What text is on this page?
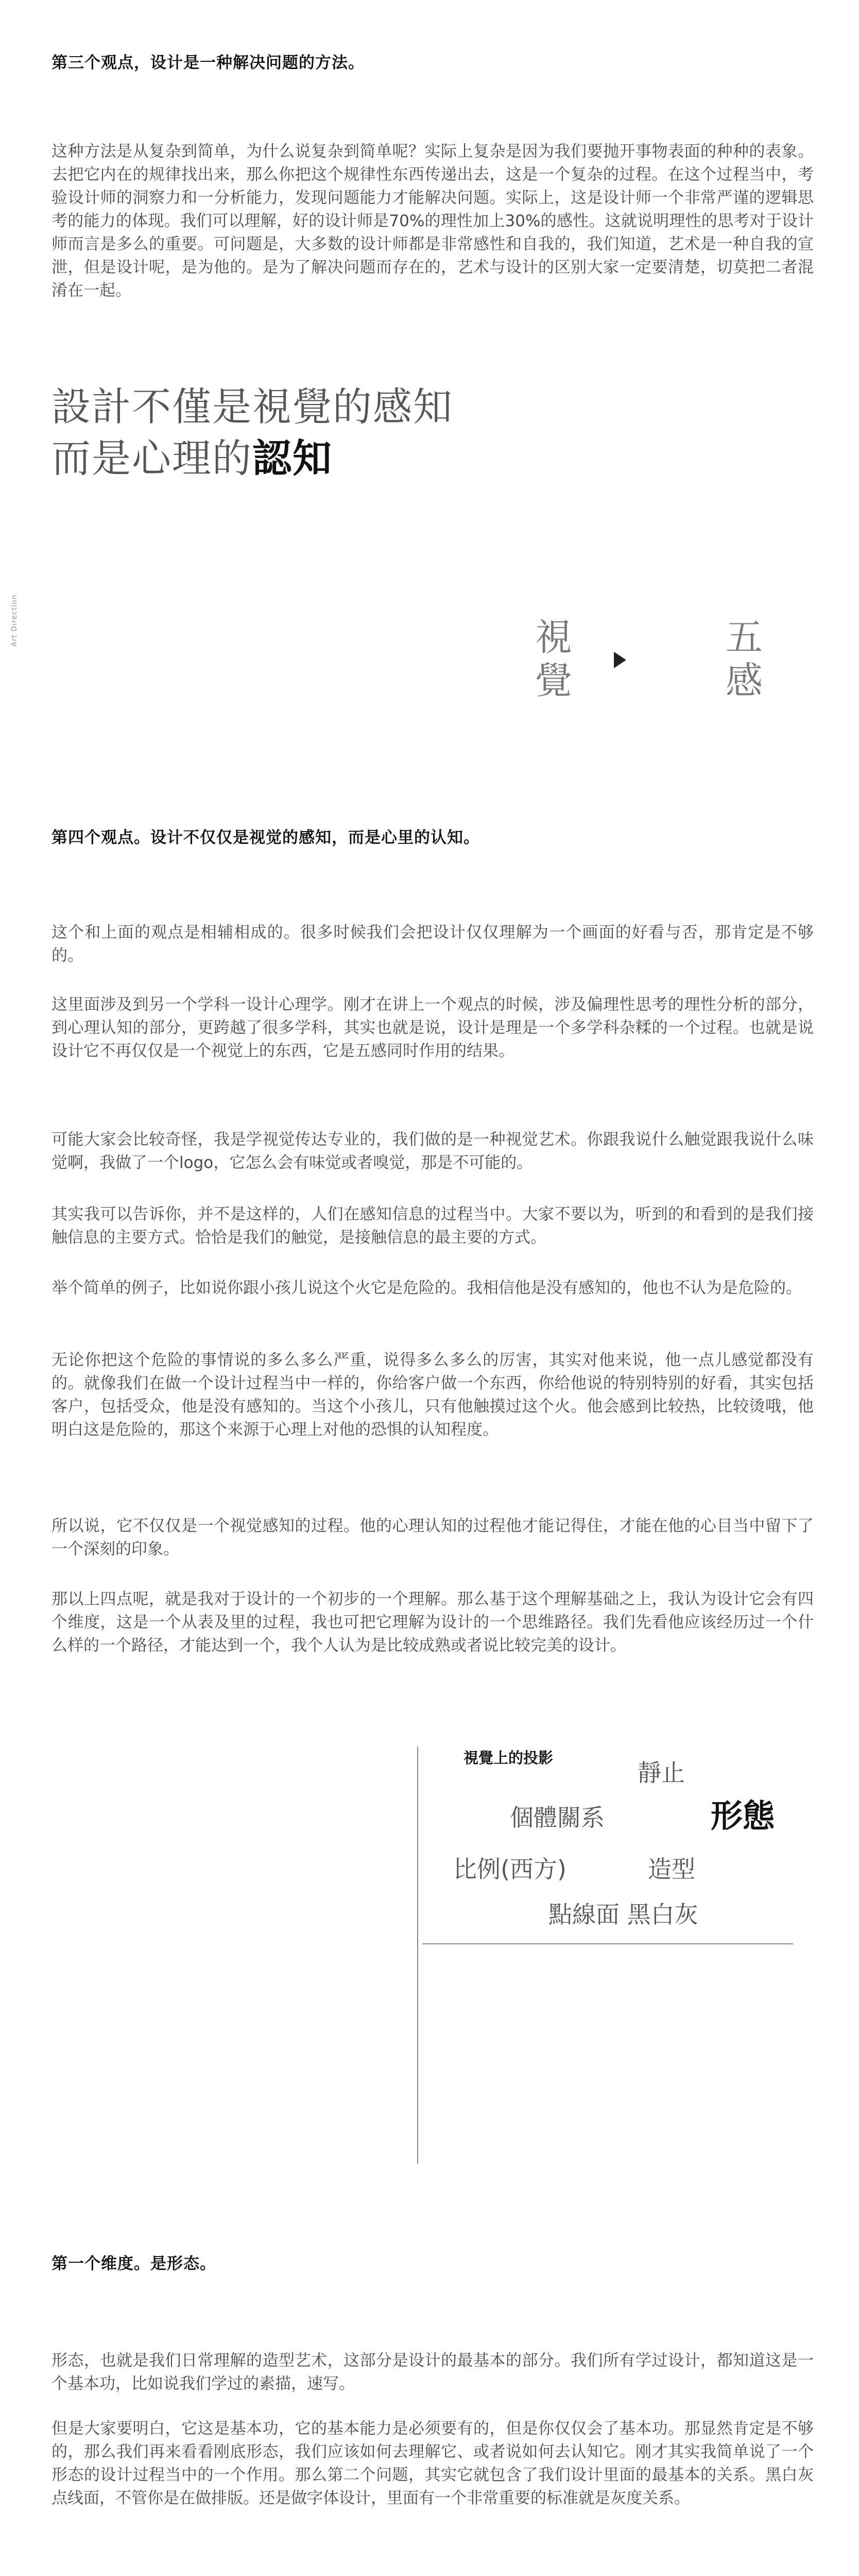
第三个观点，设计是一种解决问题的方法。

这种方法是从复杂到简单，为什么说复杂到简单呢？实际上复杂是因为我们要抛开事物表面的种种的表象。去把它内在的规律找出来，那么你把这个规律性东西传递出去，这是一个复杂的过程。在这个过程当中，考验设计师的洞察力和一分析能力，发现问题能力才能解决问题。实际上，这是设计师一个非常严谨的逻辑思考的能力的体现。我们可以理解，好的设计师是70%的理性加上30%的感性。这就说明理性的思考对于设计师而言是多么的重要。可问题是，大多数的设计师都是非常感性和自我的，我们知道，艺术是一种自我的宣泄，但是设计呢，是为他的。是为了解决问题而存在的，艺术与设计的区别大家一定要清楚，切莫把二者混淆在一起。

設計不僅是視覺的感知
而是心理的認知
Art Direction	視
覺
五
感
第四个观点。设计不仅仅是视觉的感知，而是心里的认知。

这个和上面的观点是相辅相成的。很多时候我们会把设计仅仅理解为一个画面的好看与否，那肯定是不够的。

这里面涉及到另一个学科一设计心理学。刚才在讲上一个观点的时候，涉及偏理性思考的理性分析的部分，到心理认知的部分，更跨越了很多学科，其实也就是说，设计是理是一个多学科杂糅的一个过程。也就是说设计它不再仅仅是一个视觉上的东西，它是五感同时作用的结果。

可能大家会比较奇怪，我是学视觉传达专业的，我们做的是一种视觉艺术。你跟我说什么触觉跟我说什么味觉啊，我做了一个logo，它怎么会有味觉或者嗅觉，那是不可能的。

其实我可以告诉你，并不是这样的，人们在感知信息的过程当中。大家不要以为，听到的和看到的是我们接触信息的主要方式。恰恰是我们的触觉，是接触信息的最主要的方式。

举个简单的例子，比如说你跟小孩儿说这个火它是危险的。我相信他是没有感知的，他也不认为是危险的。

无论你把这个危险的事情说的多么多么严重，说得多么多么的厉害，其实对他来说，他一点儿感觉都没有的。就像我们在做一个设计过程当中一样的，你给客户做一个东西，你给他说的特别特别的好看，其实包括客户，包括受众，他是没有感知的。当这个小孩儿，只有他触摸过这个火。他会感到比较热，比较烫哦，他明白这是危险的，那这个来源于心理上对他的恐惧的认知程度。

所以说，它不仅仅是一个视觉感知的过程。他的心理认知的过程他才能记得住，才能在他的心目当中留下了一个深刻的印象。

那以上四点呢，就是我对于设计的一个初步的一个理解。那么基于这个理解基础之上，我认为设计它会有四个维度，这是一个从表及里的过程，我也可把它理解为设计的一个思维路径。我们先看他应该经历过一个什么样的一个路径，才能达到一个，我个人认为是比较成熟或者说比较完美的设计。

視覺上的投影
靜止
形態
個體關系
比例(西方)	造型
點線面 黑白灰
第一个维度。是形态。

形态，也就是我们日常理解的造型艺术，这部分是设计的最基本的部分。我们所有学过设计，都知道这是一个基本功，比如说我们学过的素描，速写。

但是大家要明白，它这是基本功，它的基本能力是必须要有的，但是你仅仅会了基本功。那显然肯定是不够的，那么我们再来看看刚底形态，我们应该如何去理解它、或者说如何去认知它。刚才其实我简单说了一个形态的设计过程当中的一个作用。那么第二个问题，其实它就包含了我们设计里面的最基本的关系。黑白灰点线面，不管你是在做排版。还是做字体设计，里面有一个非常重要的标准就是灰度关系。
